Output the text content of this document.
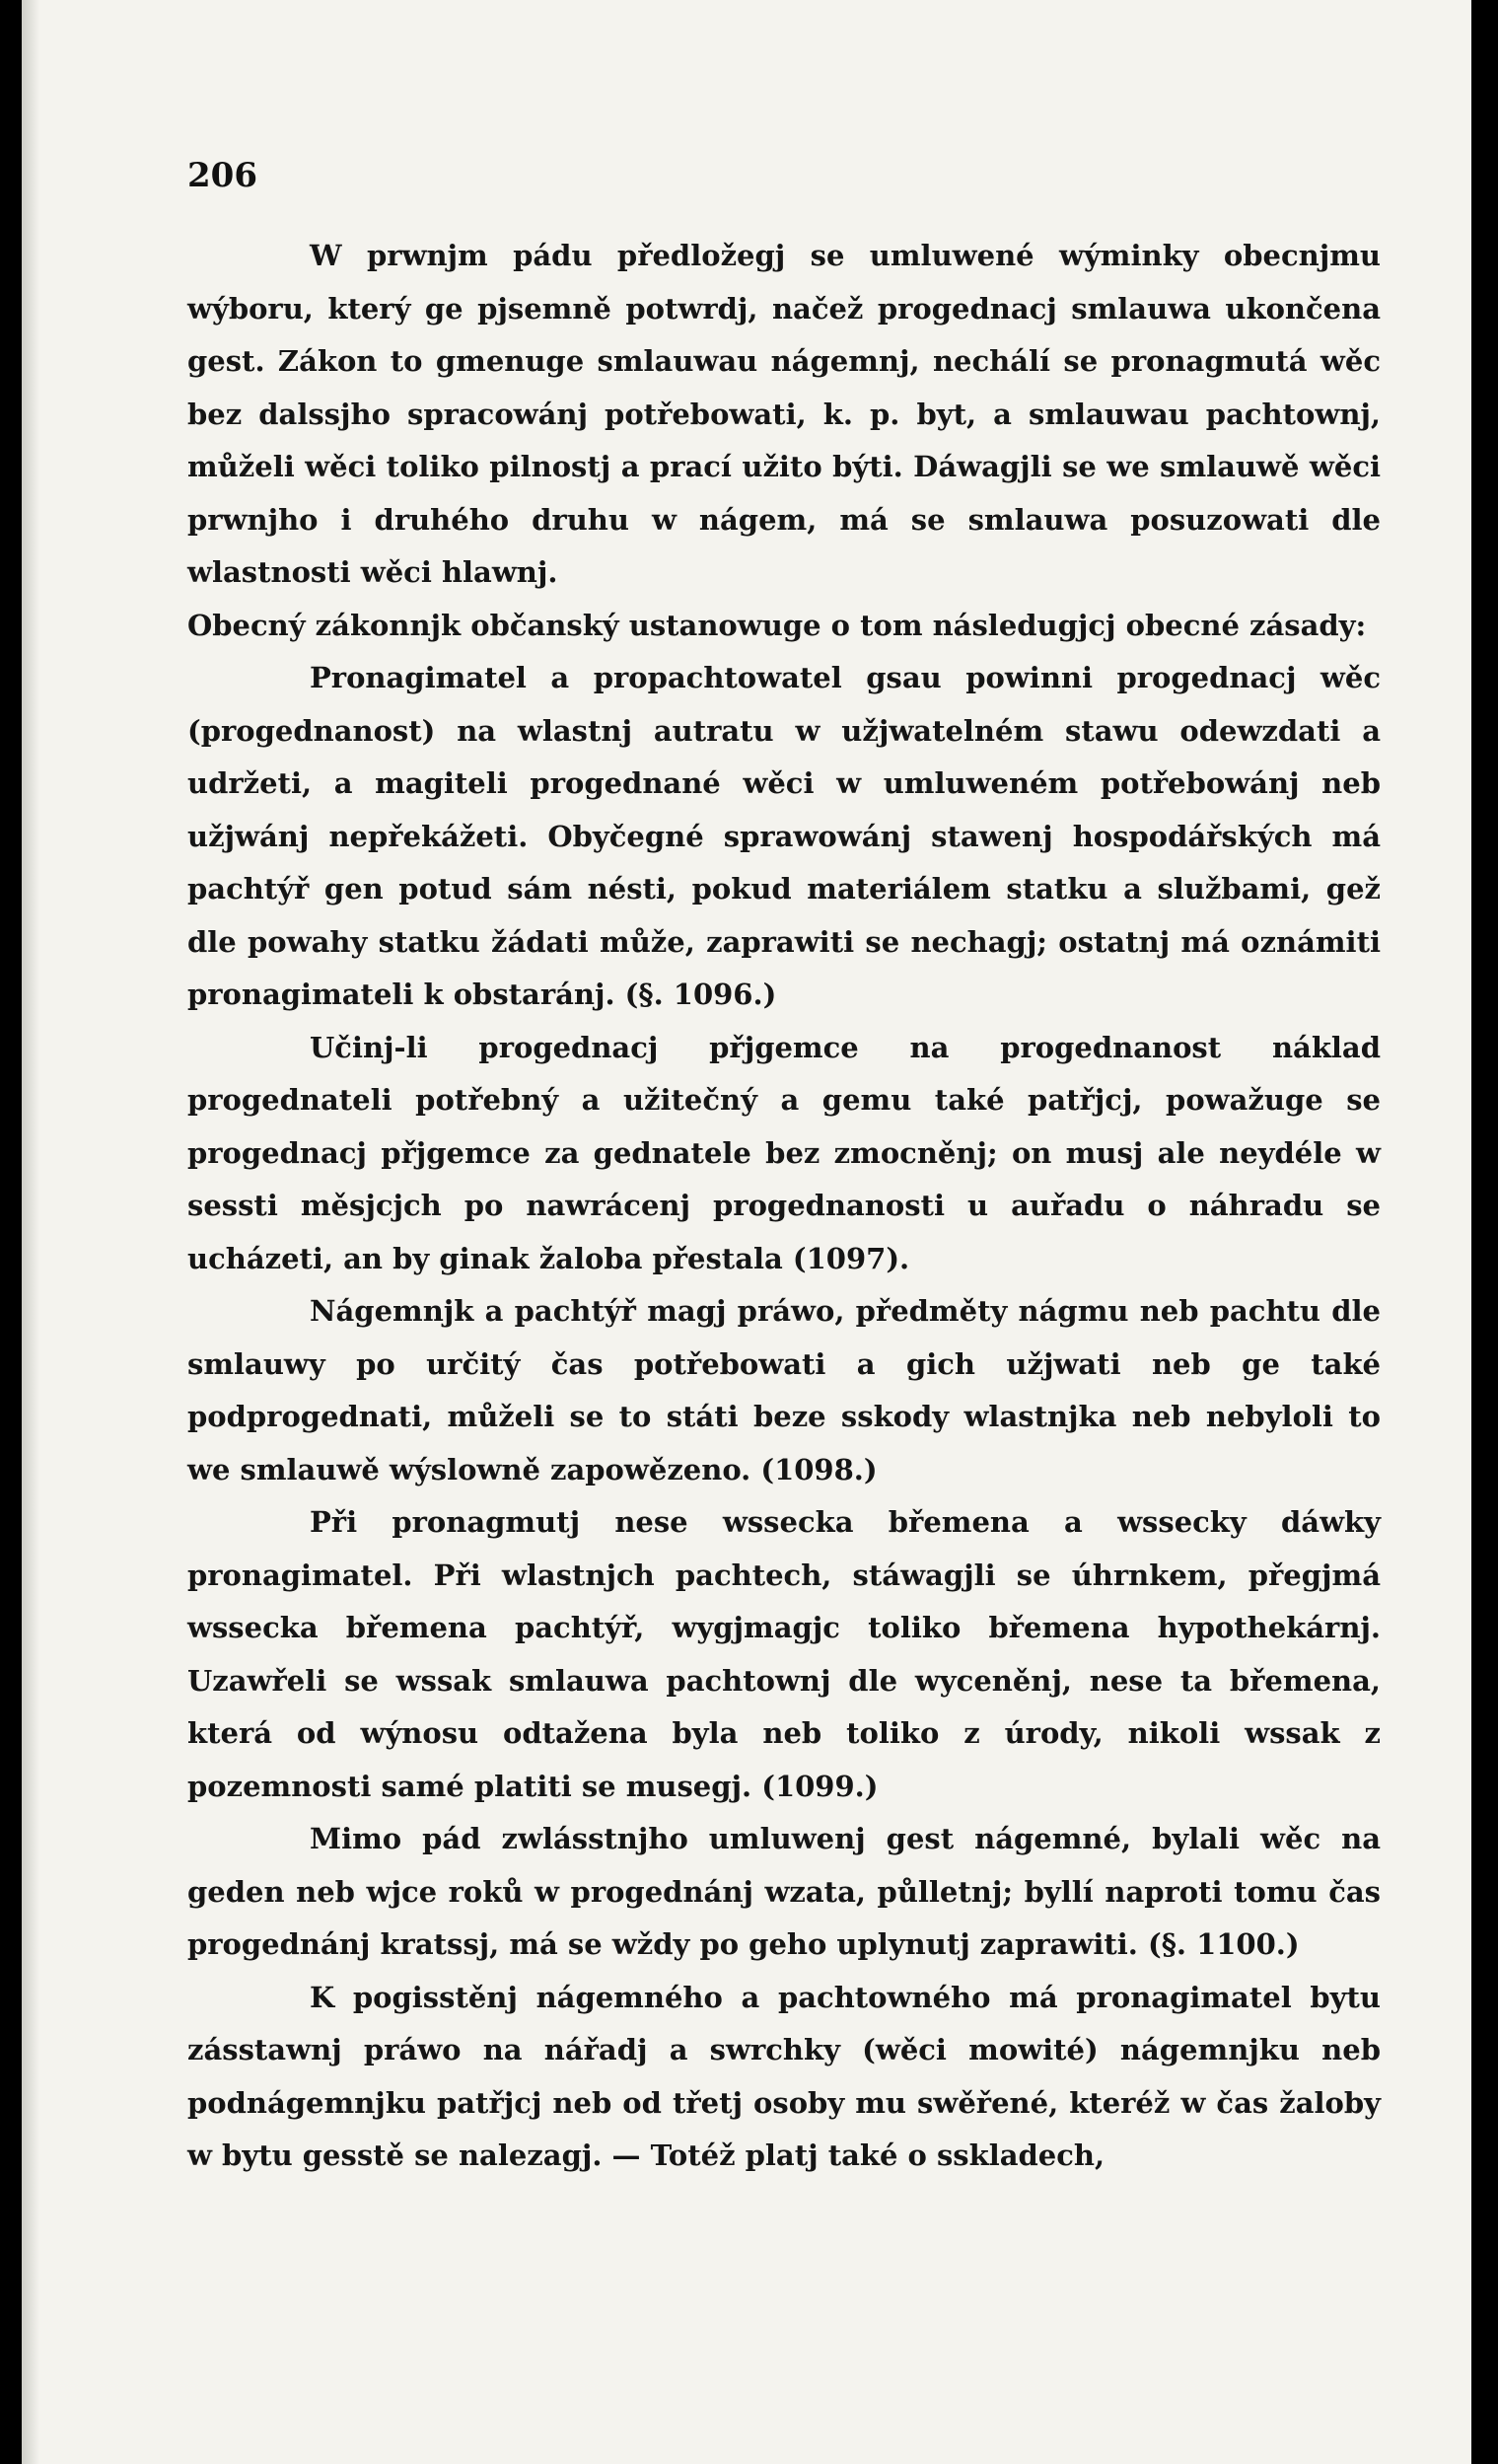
206

W prwnjm pádu předložegj se umluwené wýminky obecnjmu wýboru, který ge pjsemně potwrdj, načež progednacj smlauwa ukončena gest. Zákon to gmenuge smlauwau nágemnj, nechálí se pronagmutá wěc bez dalssjho spracowánj potřebowati, k. p. byt, a smlauwau pachtownj, můželi wěci toliko pilnostj a prací užito býti. Dáwagjli se we smlauwě wěci prwnjho i druhého druhu w nágem, má se smlauwa posuzowati dle wlastnosti wěci hlawnj.

Obecný zákonnjk občanský ustanowuge o tom následugjcj obecné zásady:

Pronagimatel a propachtowatel gsau powinni progednacj wěc (progednanost) na wlastnj autratu w užjwatelném stawu odewzdati a udržeti, a magiteli progednané wěci w umluweném potřebowánj neb užjwánj nepřekážeti. Obyčegné sprawowánj stawenj hospodářských má pachtýř gen potud sám nésti, pokud materiálem statku a službami, gež dle powahy statku žádati může, zaprawiti se nechagj; ostatnj má oznámiti pronagimateli k obstaránj. (§. 1096.)

Učinj-li progednacj přjgemce na progednanost náklad progednateli potřebný a užitečný a gemu také patřjcj, powažuge se progednacj přjgemce za gednatele bez zmocněnj; on musj ale neydéle w sessti měsjcjch po nawrácenj progednanosti u auřadu o náhradu se ucházeti, an by ginak žaloba přestala (1097).

Nágemnjk a pachtýř magj práwo, předměty nágmu neb pachtu dle smlauwy po určitý čas potřebowati a gich užjwati neb ge také podprogednati, můželi se to státi beze sskody wlastnjka neb nebyloli to we smlauwě wýslowně zapowězeno. (1098.)

Při pronagmutj nese wssecka břemena a wssecky dáwky pronagimatel. Při wlastnjch pachtech, stáwagjli se úhrnkem, přegjmá wssecka břemena pachtýř, wygjmagjc toliko břemena hypothekárnj. Uzawřeli se wssak smlauwa pachtownj dle wyceněnj, nese ta břemena, která od wýnosu odtažena byla neb toliko z úrody, nikoli wssak z pozemnosti samé platiti se musegj. (1099.)

Mimo pád zwlásstnjho umluwenj gest nágemné, bylali wěc na geden neb wjce roků w progednánj wzata, půlletnj; byllí naproti tomu čas progednánj kratssj, má se wždy po geho uplynutj zaprawiti. (§. 1100.)

K pogisstěnj nágemného a pachtowného má pronagimatel bytu zásstawnj práwo na nářadj a swrchky (wěci mowité) nágemnjku neb podnágemnjku patřjcj neb od třetj osoby mu swěřené, kteréž w čas žaloby w bytu gesstě se nalezagj. — Totéž platj také o sskladech,
